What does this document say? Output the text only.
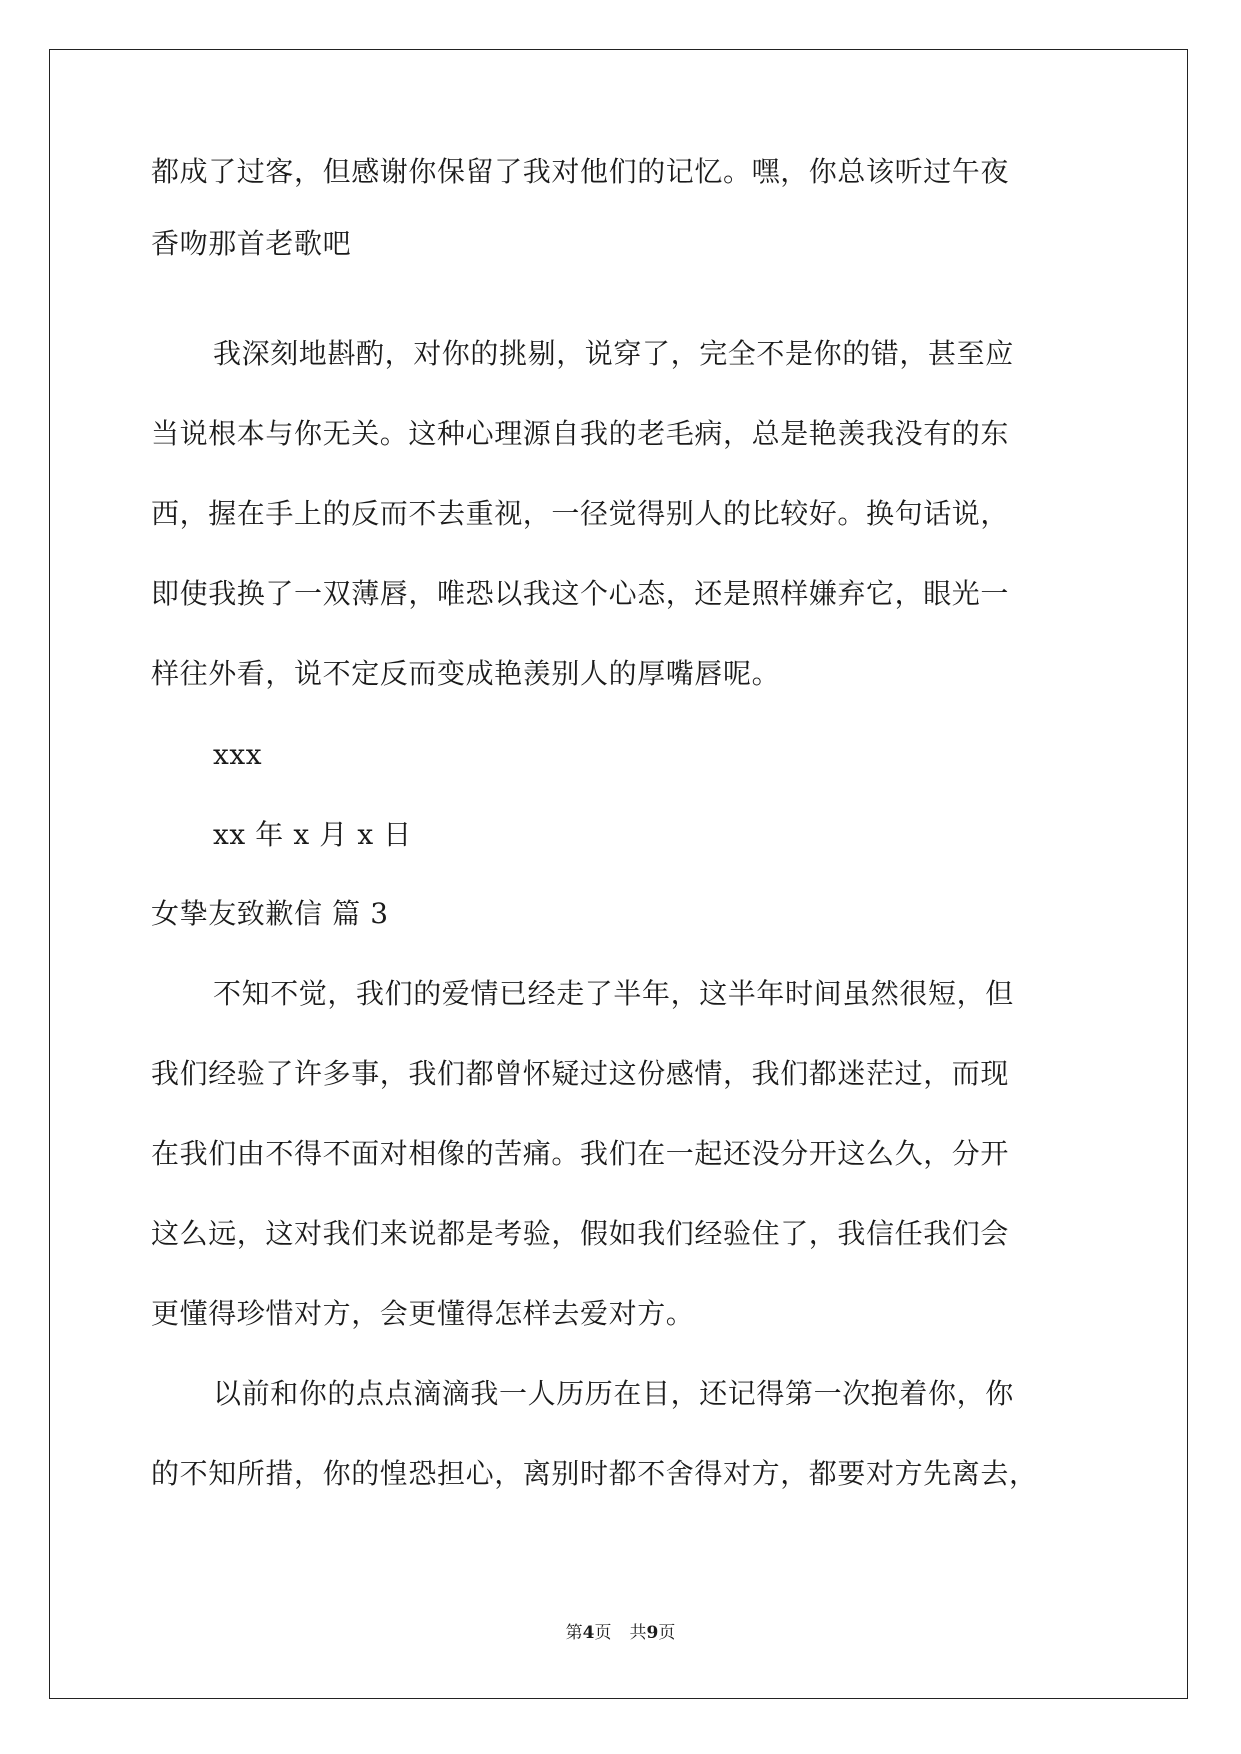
都成了过客，但感谢你保留了我对他们的记忆。嘿，你总该听过午夜
香吻那首老歌吧
我深刻地斟酌，对你的挑剔，说穿了，完全不是你的错，甚至应
当说根本与你无关。这种心理源自我的老毛病，总是艳羡我没有的东
西，握在手上的反而不去重视，一径觉得别人的比较好。换句话说，
即使我换了一双薄唇，唯恐以我这个心态，还是照样嫌弃它，眼光一
样往外看，说不定反而变成艳羡别人的厚嘴唇呢。
xxx
xx 年 x 月 x 日
女挚友致歉信 篇 3
不知不觉，我们的爱情已经走了半年，这半年时间虽然很短，但
我们经验了许多事，我们都曾怀疑过这份感情，我们都迷茫过，而现
在我们由不得不面对相像的苦痛。我们在一起还没分开这么久，分开
这么远，这对我们来说都是考验，假如我们经验住了，我信任我们会
更懂得珍惜对方，会更懂得怎样去爱对方。
以前和你的点点滴滴我一人历历在目，还记得第一次抱着你，你
的不知所措，你的惶恐担心，离别时都不舍得对方，都要对方先离去，
第4页 共9页
